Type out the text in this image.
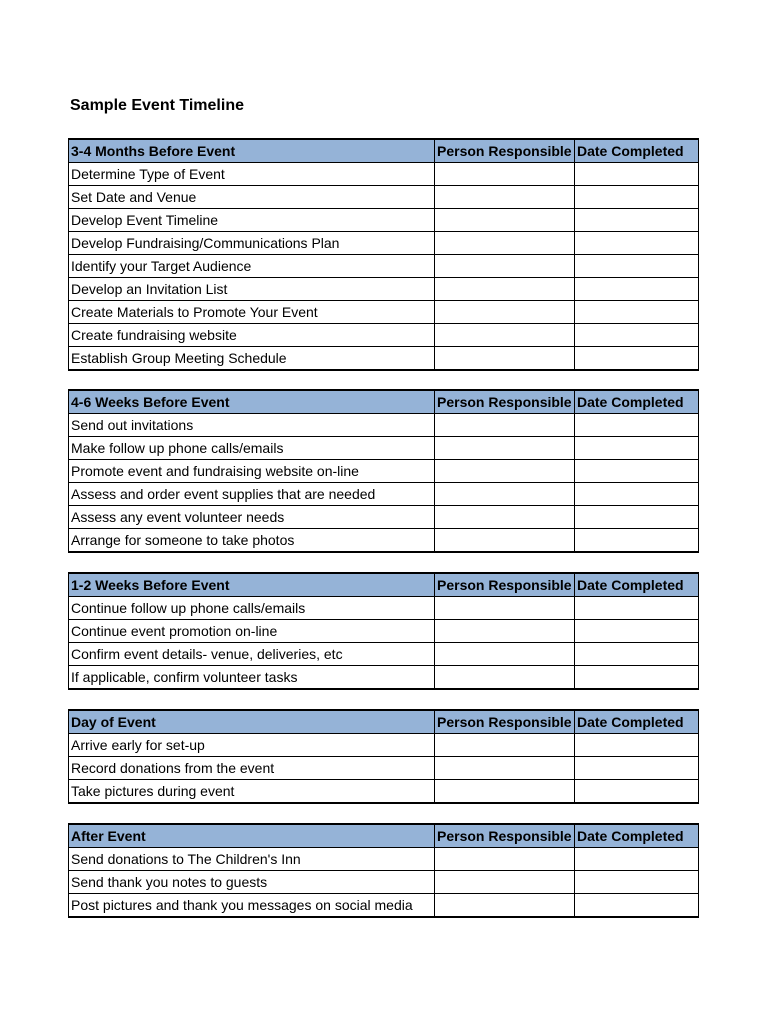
Sample Event Timeline
3-4 Months Before Event	Person Responsible	Date Completed
Determine Type of Event		
Set Date and Venue		
Develop Event Timeline		
Develop Fundraising/Communications Plan		
Identify your Target Audience		
Develop an Invitation List		
Create Materials to Promote Your Event		
Create fundraising website		
Establish Group Meeting Schedule		
4-6 Weeks Before Event	Person Responsible	Date Completed
Send out invitations		
Make follow up phone calls/emails		
Promote event and fundraising website on-line		
Assess and order event supplies that are needed		
Assess any event volunteer needs		
Arrange for someone to take photos		
1-2 Weeks Before Event	Person Responsible	Date Completed
Continue follow up phone calls/emails		
Continue event promotion on-line		
Confirm event details- venue, deliveries, etc		
If applicable, confirm volunteer tasks		
Day of Event	Person Responsible	Date Completed
Arrive early for set-up		
Record donations from the event		
Take pictures during event		
After Event	Person Responsible	Date Completed
Send donations to The Children's Inn		
Send thank you notes to guests		
Post pictures and thank you messages on social media		
